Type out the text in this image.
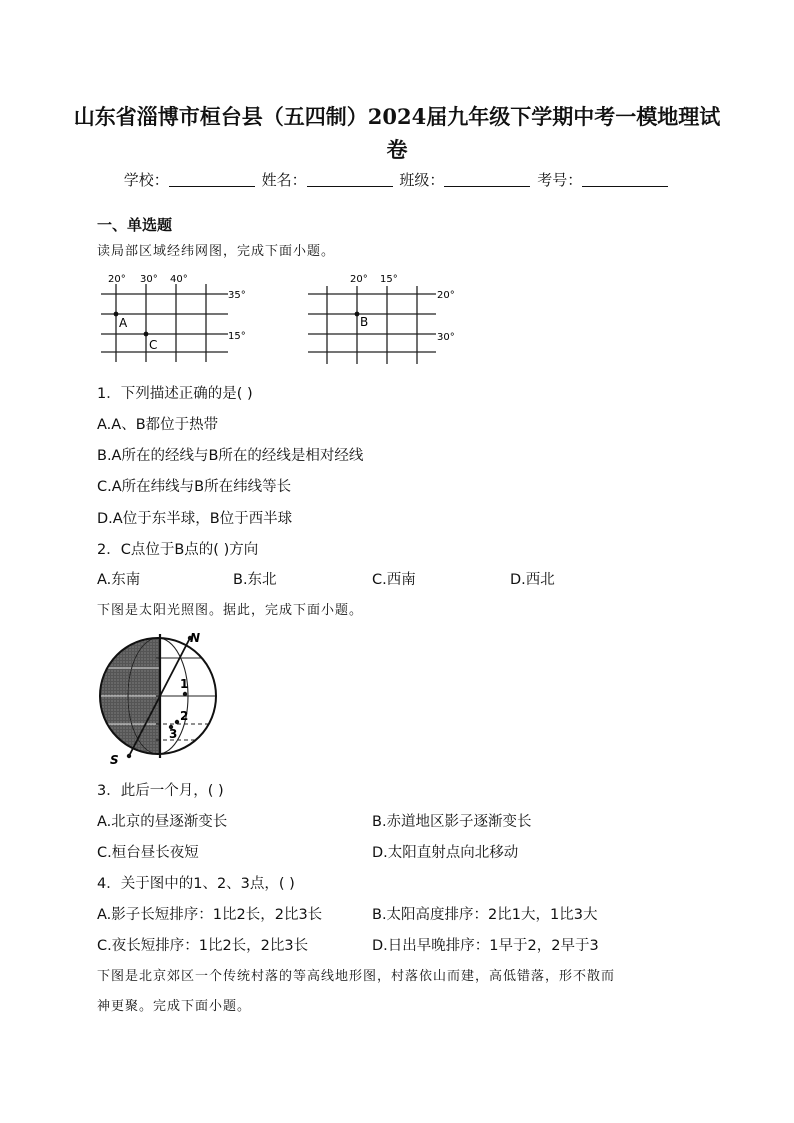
山东省淄博市桓台县（五四制）2024届九年级下学期中考一模地理试
卷
学校：	姓名：	班级：	考号：
一、单选题
读局部区域经纬网图，完成下面小题。
20° 30° 40°
35°
15°
A
C
20° 15°
20°
30°
B
1．下列描述正确的是( )
A.A、B都位于热带
B.A所在的经线与B所在的经线是相对经线
C.A所在纬线与B所在纬线等长
D.A位于东半球，B位于西半球
2．C点位于B点的( )方向
A.东南	B.东北	C.西南	D.西北
下图是太阳光照图。据此，完成下面小题。
N
S
1
2
3
3．此后一个月，( )
A.北京的昼逐渐变长	B.赤道地区影子逐渐变长
C.桓台昼长夜短	D.太阳直射点向北移动
4．关于图中的1、2、3点，( )
A.影子长短排序：1比2长，2比3长	B.太阳高度排序：2比1大，1比3大
C.夜长短排序：1比2长，2比3长	D.日出早晚排序：1早于2，2早于3
下图是北京郊区一个传统村落的等高线地形图，村落依山而建，高低错落，形不散而
神更聚。完成下面小题。
